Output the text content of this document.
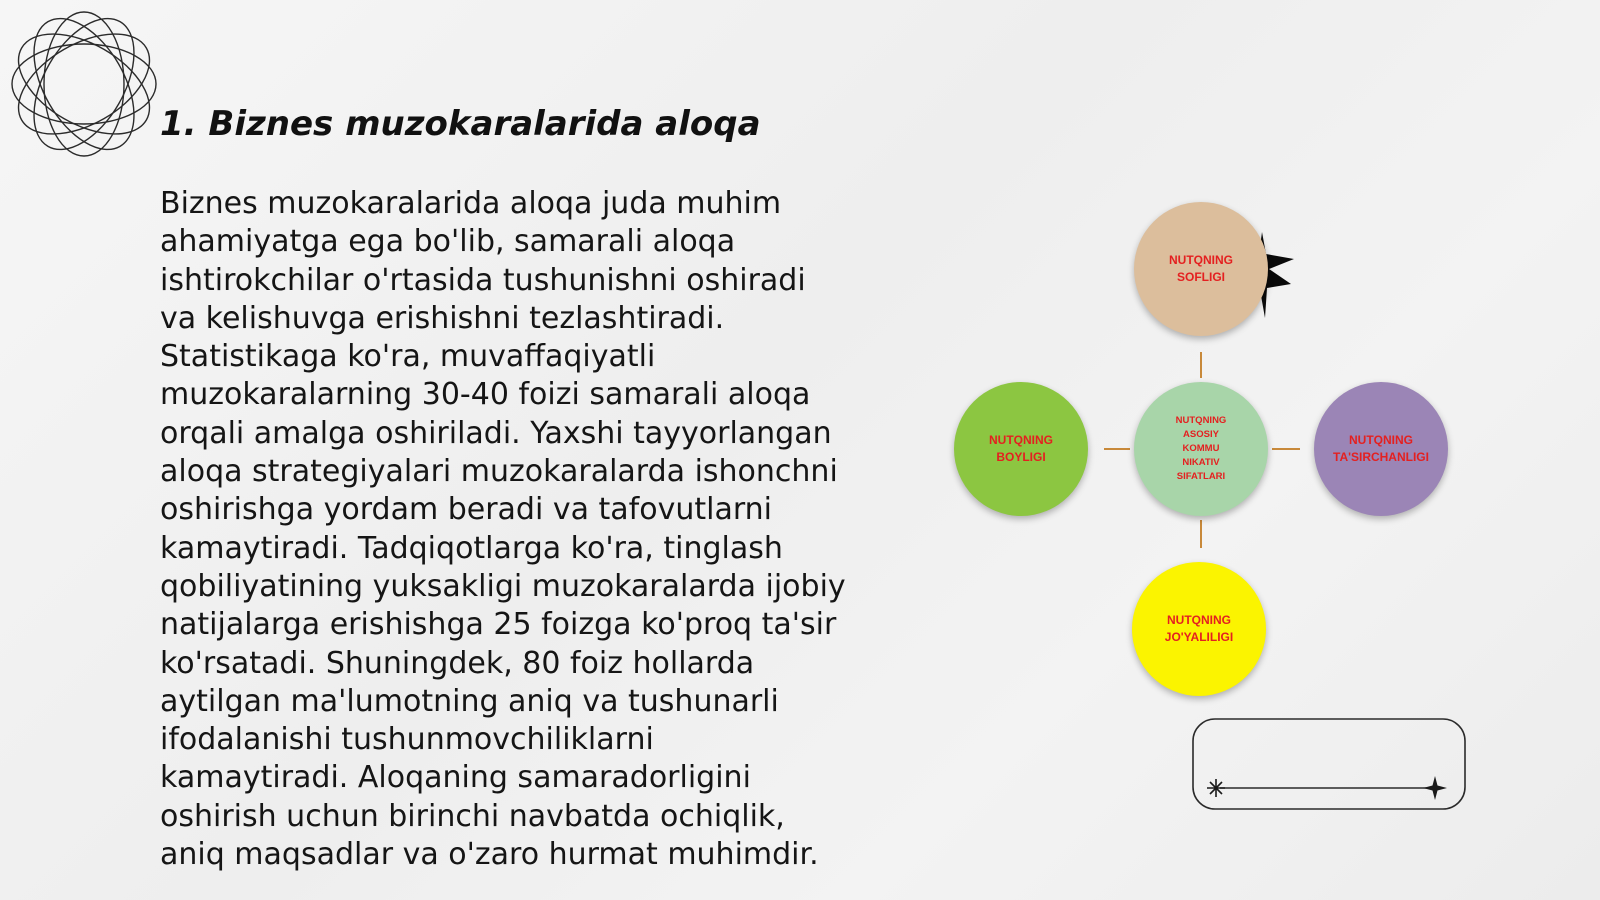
1. Biznes muzokaralarida aloqa

Biznes muzokaralarida aloqa juda muhim ahamiyatga ega bo'lib, samarali aloqa ishtirokchilar o'rtasida tushunishni oshiradi va kelishuvga erishishni tezlashtiradi. Statistikaga ko'ra, muvaffaqiyatli muzokaralarning 30-40 foizi samarali aloqa orqali amalga oshiriladi. Yaxshi tayyorlangan aloqa strategiyalari muzokaralarda ishonchni oshirishga yordam beradi va tafovutlarni kamaytiradi. Tadqiqotlarga ko'ra, tinglash qobiliyatining yuksakligi muzokaralarda ijobiy natijalarga erishishga 25 foizga ko'proq ta'sir ko'rsatadi. Shuningdek, 80 foiz hollarda aytilgan ma'lumotning aniq va tushunarli ifodalanishi tushunmovchiliklarni kamaytiradi. Aloqaning samaradorligini oshirish uchun birinchi navbatda ochiqlik, aniq maqsadlar va o'zaro hurmat muhimdir.

NUTQNING
SOFLIGI
NUTQNING
ASOSIY
KOMMU
NIKATIV
SIFATLARI
NUTQNING
BOYLIGI
NUTQNING
TA'SIRCHANLIGI
NUTQNING
JO'YALILIGI
